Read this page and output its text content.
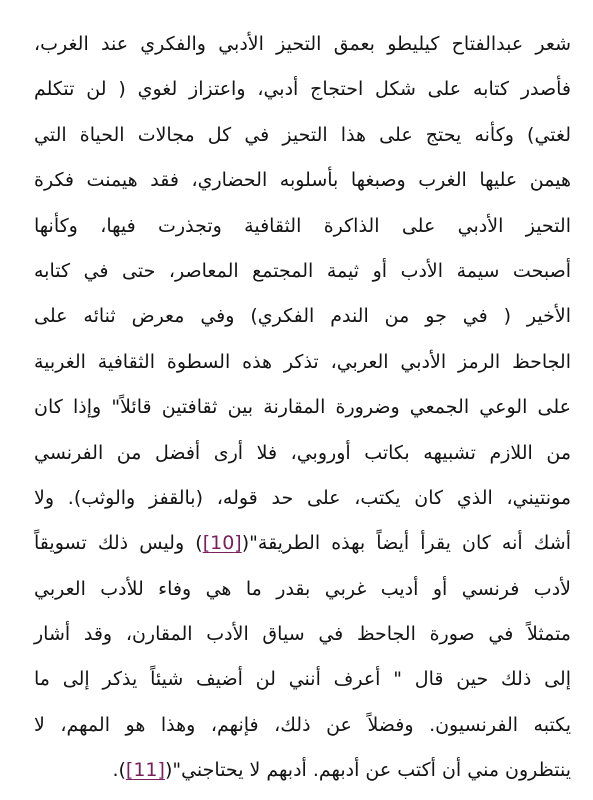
شعر عبدالفتاح كيليطو بعمق التحيز الأدبي والفكري عند الغرب،
فأصدر كتابه على شكل احتجاج أدبي، واعتزاز لغوي ( لن تتكلم
لغتي) وكأنه يحتج على هذا التحيز في كل مجالات الحياة التي
هيمن عليها الغرب وصبغها بأسلوبه الحضاري، فقد هيمنت فكرة
التحيز الأدبي على الذاكرة الثقافية وتجذرت فيها، وكأنها
أصبحت سيمة الأدب أو ثيمة المجتمع المعاصر، حتى في كتابه
الأخير ( في جو من الندم الفكري) وفي معرض ثنائه على
الجاحظ الرمز الأدبي العربي، تذكر هذه السطوة الثقافية الغربية
على الوعي الجمعي وضرورة المقارنة بين ثقافتين قائلاً" وإذا كان
من اللازم تشبيهه بكاتب أوروبي، فلا أرى أفضل من الفرنسي
مونتيني، الذي كان يكتب، على حد قوله، (بالقفز والوثب). ولا
أشك أنه كان يقرأ أيضاً بهذه الطريقة"([10]) وليس ذلك تسويقاً
لأدب فرنسي أو أديب غربي بقدر ما هي وفاء للأدب العربي
متمثلاً في صورة الجاحظ في سياق الأدب المقارن، وقد أشار
إلى ذلك حين قال " أعرف أنني لن أضيف شيئاً يذكر إلى ما
يكتبه الفرنسيون. وفضلاً عن ذلك، فإنهم، وهذا هو المهم، لا
ينتظرون مني أن أكتب عن أدبهم. أدبهم لا يحتاجني"([11]).
